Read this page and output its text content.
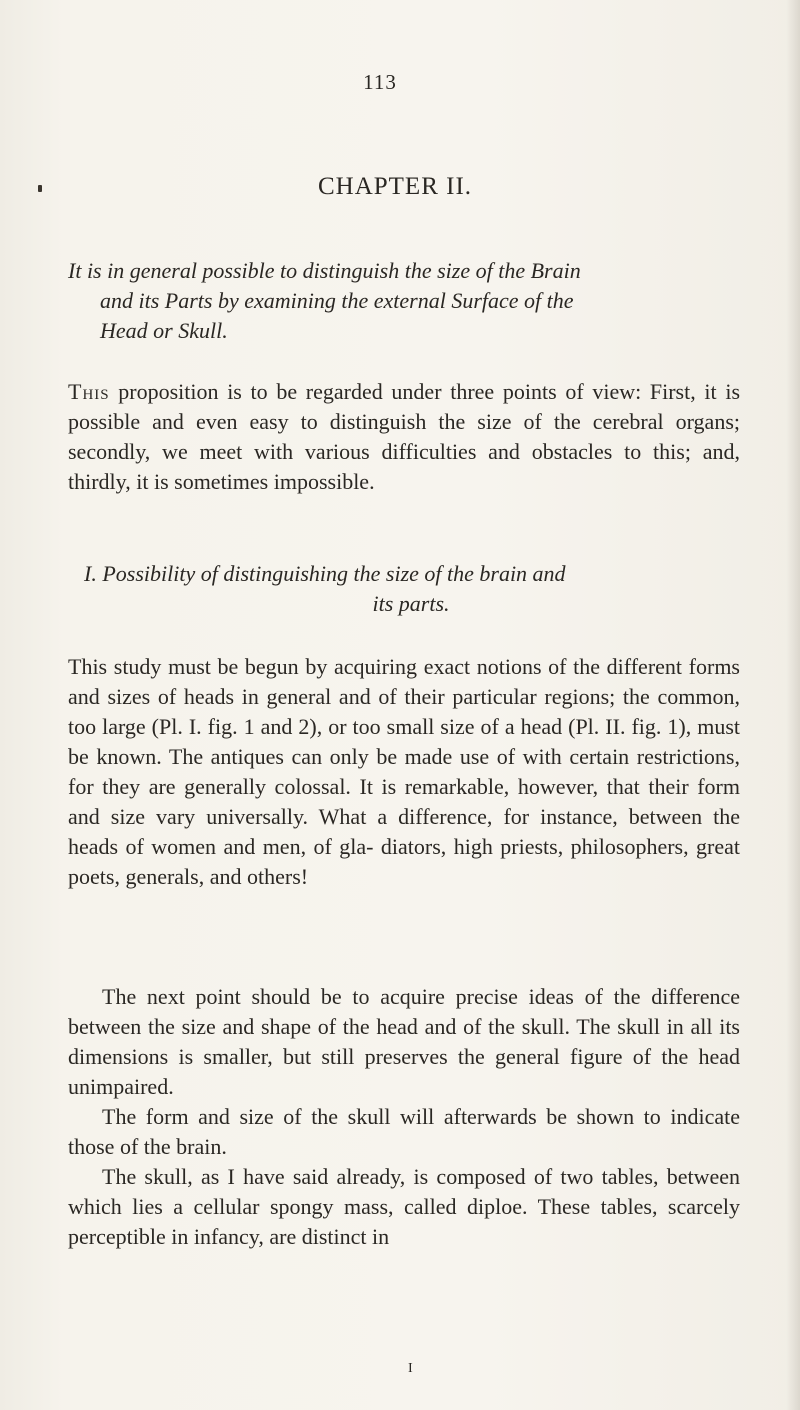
113
CHAPTER II.
It is in general possible to distinguish the size of the Brain
and its Parts by examining the external Surface of the
Head or Skull.
This proposition is to be regarded under three points of view: First, it is possible and even easy to distinguish the size of the cerebral organs; secondly, we meet with various difficulties and obstacles to this; and, thirdly, it is sometimes impossible.
I. Possibility of distinguishing the size of the brain and
its parts.
This study must be begun by acquiring exact notions of the different forms and sizes of heads in general and of their particular regions; the common, too large (Pl. I. fig. 1 and 2), or too small size of a head (Pl. II. fig. 1), must be known. The antiques can only be made use of with certain restrictions, for they are generally colossal. It is remarkable, however, that their form and size vary universally. What a difference, for instance, between the heads of women and men, of gla- diators, high priests, philosophers, great poets, generals, and others!
The next point should be to acquire precise ideas of the difference between the size and shape of the head and of the skull. The skull in all its dimensions is smaller, but still preserves the general figure of the head unimpaired.
The form and size of the skull will afterwards be shown to indicate those of the brain.
The skull, as I have said already, is composed of two tables, between which lies a cellular spongy mass, called diploe. These tables, scarcely perceptible in infancy, are distinct in
I
